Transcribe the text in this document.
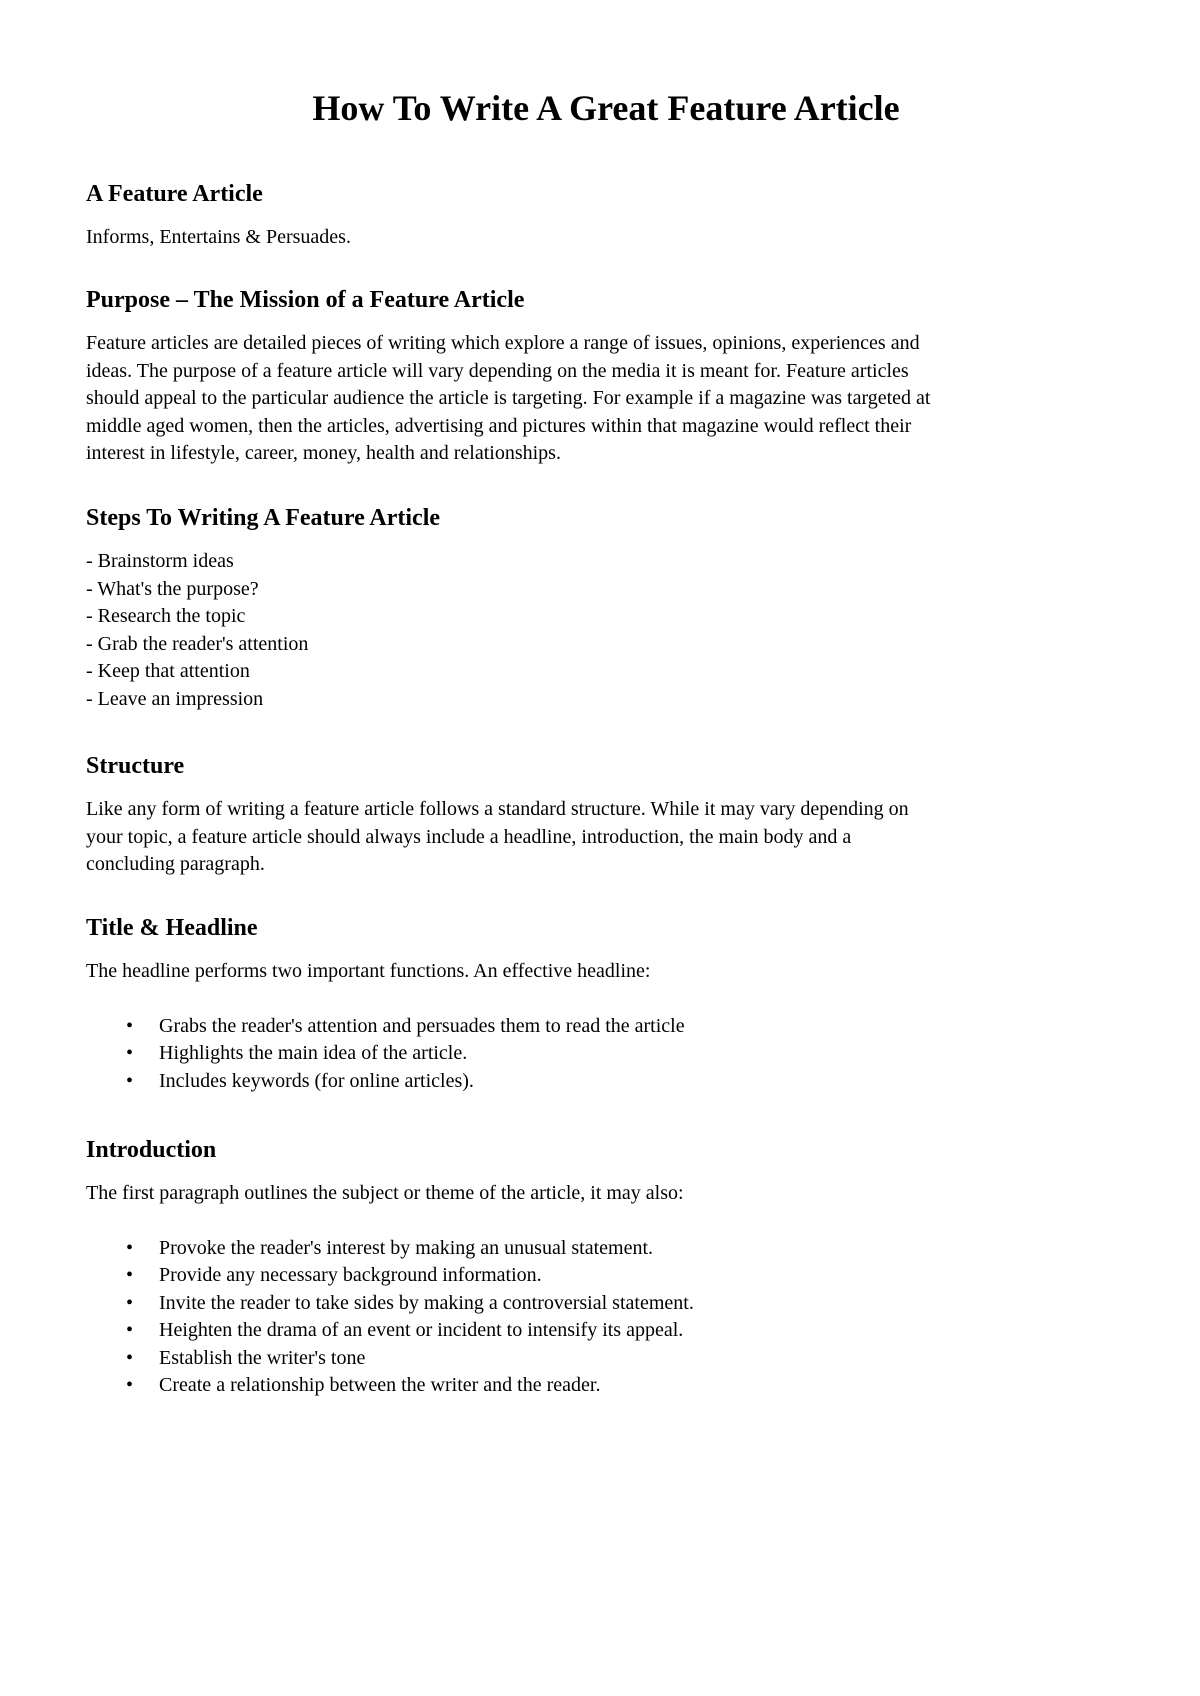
How To Write A Great Feature Article
A Feature Article

Informs, Entertains & Persuades.

Purpose – The Mission of a Feature Article
Feature articles are detailed pieces of writing which explore a range of issues, opinions, experiences and
ideas. The purpose of a feature article will vary depending on the media it is meant for. Feature articles
should appeal to the particular audience the article is targeting. For example if a magazine was targeted at
middle aged women, then the articles, advertising and pictures within that magazine would reflect their
interest in lifestyle, career, money, health and relationships.
Steps To Writing A Feature Article
- Brainstorm ideas
- What's the purpose?
- Research the topic
- Grab the reader's attention
- Keep that attention
- Leave an impression
Structure
Like any form of writing a feature article follows a standard structure. While it may vary depending on
your topic, a feature article should always include a headline, introduction, the main body and a
concluding paragraph.
Title & Headline

The headline performs two important functions. An effective headline:

• Grabs the reader's attention and persuades them to read the article
• Highlights the main idea of the article.
• Includes keywords (for online articles).
Introduction

The first paragraph outlines the subject or theme of the article, it may also:

• Provoke the reader's interest by making an unusual statement.
• Provide any necessary background information.
• Invite the reader to take sides by making a controversial statement.
• Heighten the drama of an event or incident to intensify its appeal.
• Establish the writer's tone
• Create a relationship between the writer and the reader.
